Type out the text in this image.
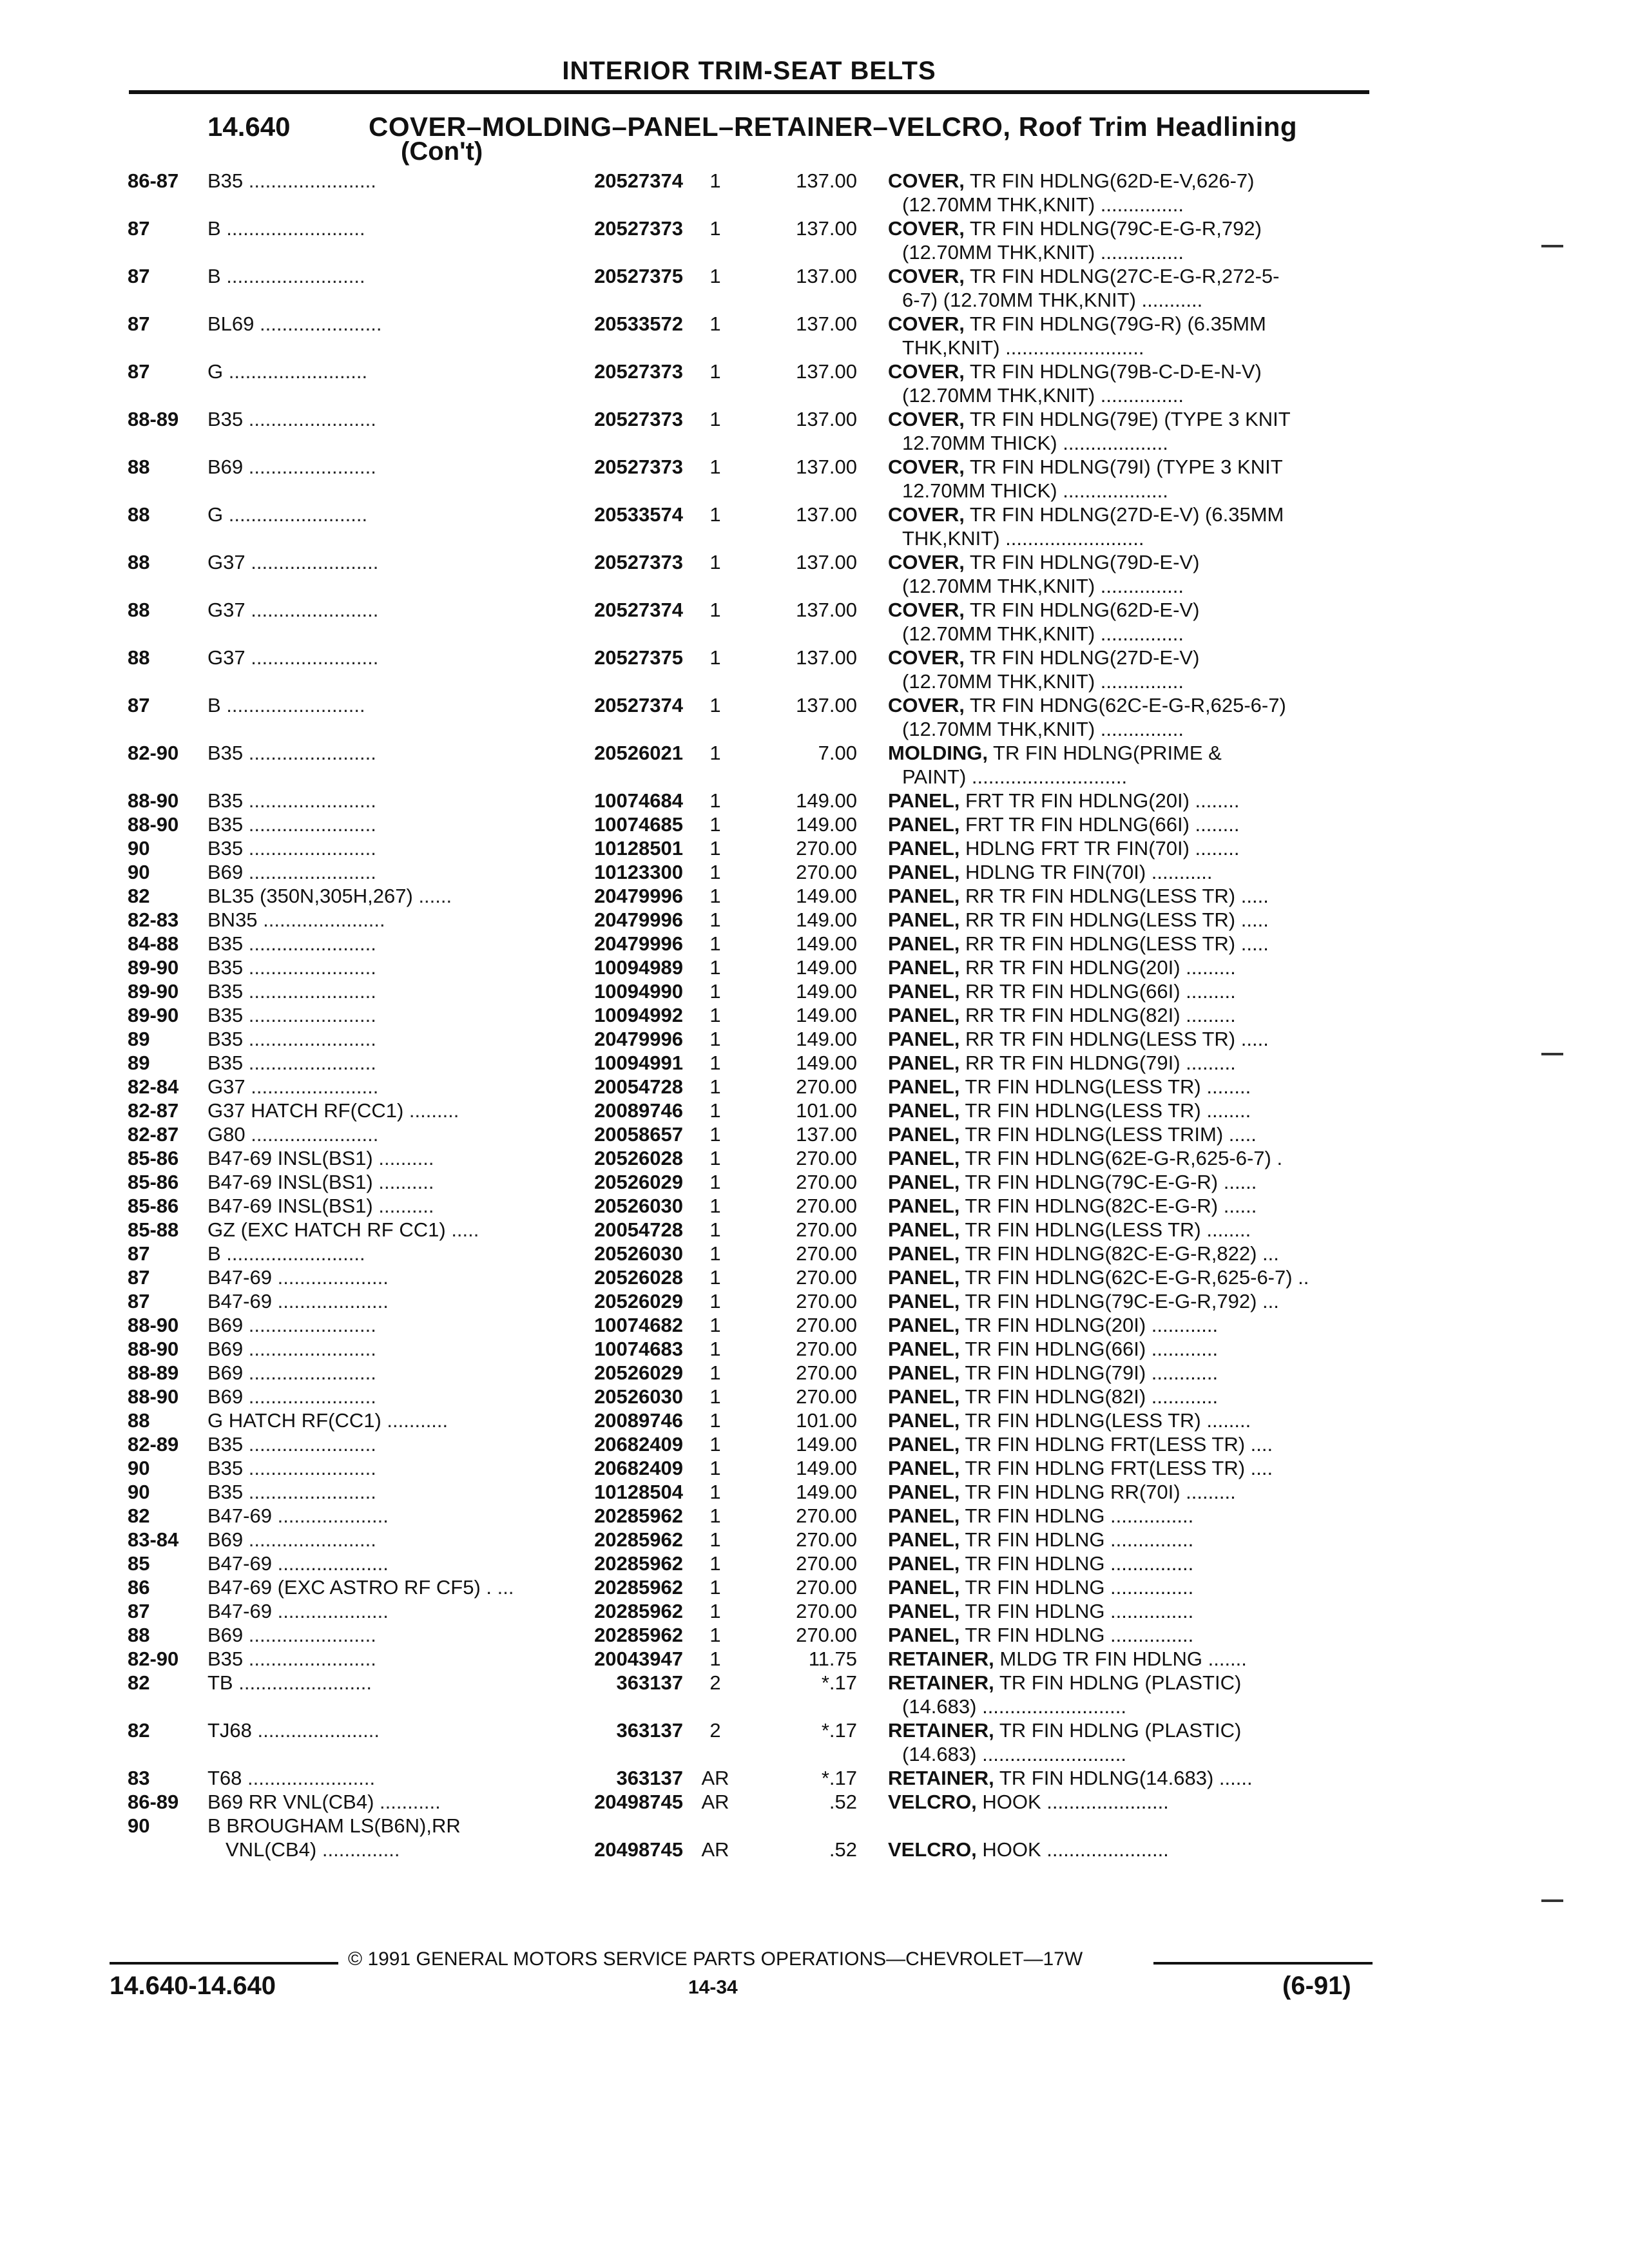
INTERIOR TRIM-SEAT BELTS
14.640	COVER–MOLDING–PANEL–RETAINER–VELCRO, Roof Trim Headlining
(Con't)
86-87 B35 .......................	20527374	1	137.00 COVER, TR FIN HDLNG(62D-E-V,626-7)
(12.70MM THK,KNIT) ...............
87	B .........................	20527373	1	137.00 COVER, TR FIN HDLNG(79C-E-G-R,792)
(12.70MM THK,KNIT) ...............
87	B .........................	20527375	1	137.00 COVER, TR FIN HDLNG(27C-E-G-R,272-5-
6-7) (12.70MM THK,KNIT) ...........
87	BL69 ......................	20533572	1	137.00 COVER, TR FIN HDLNG(79G-R) (6.35MM
THK,KNIT) .........................
87	G .........................	20527373	1	137.00 COVER, TR FIN HDLNG(79B-C-D-E-N-V)
(12.70MM THK,KNIT) ...............
88-89 B35 .......................	20527373	1	137.00 COVER, TR FIN HDLNG(79E) (TYPE 3 KNIT
12.70MM THICK) ...................
88	B69 .......................	20527373	1	137.00 COVER, TR FIN HDLNG(79I) (TYPE 3 KNIT
12.70MM THICK) ...................
88	G .........................	20533574	1	137.00 COVER, TR FIN HDLNG(27D-E-V) (6.35MM
THK,KNIT) .........................
88	G37 .......................	20527373	1	137.00 COVER, TR FIN HDLNG(79D-E-V)
(12.70MM THK,KNIT) ...............
88	G37 .......................	20527374	1	137.00 COVER, TR FIN HDLNG(62D-E-V)
(12.70MM THK,KNIT) ...............
88	G37 .......................	20527375	1	137.00 COVER, TR FIN HDLNG(27D-E-V)
(12.70MM THK,KNIT) ...............
87	B .........................	20527374	1	137.00 COVER, TR FIN HDNG(62C-E-G-R,625-6-7)
(12.70MM THK,KNIT) ...............
82-90 B35 .......................	20526021	1	7.00 MOLDING, TR FIN HDLNG(PRIME &
PAINT) ............................
88-90 B35 .......................	10074684	1	149.00 PANEL, FRT TR FIN HDLNG(20I) ........
88-90 B35 .......................	10074685	1	149.00 PANEL, FRT TR FIN HDLNG(66I) ........
90	B35 .......................	10128501	1	270.00 PANEL, HDLNG FRT TR FIN(70I) ........
90	B69 .......................	10123300	1	270.00 PANEL, HDLNG TR FIN(70I) ...........
82	BL35 (350N,305H,267) ......	20479996	1	149.00 PANEL, RR TR FIN HDLNG(LESS TR) .....
82-83 BN35 ......................	20479996	1	149.00 PANEL, RR TR FIN HDLNG(LESS TR) .....
84-88 B35 .......................	20479996	1	149.00 PANEL, RR TR FIN HDLNG(LESS TR) .....
89-90 B35 .......................	10094989	1	149.00 PANEL, RR TR FIN HDLNG(20I) .........
89-90 B35 .......................	10094990	1	149.00 PANEL, RR TR FIN HDLNG(66I) .........
89-90 B35 .......................	10094992	1	149.00 PANEL, RR TR FIN HDLNG(82I) .........
89	B35 .......................	20479996	1	149.00 PANEL, RR TR FIN HDLNG(LESS TR) .....
89	B35 .......................	10094991	1	149.00 PANEL, RR TR FIN HLDNG(79I) .........
82-84 G37 .......................	20054728	1	270.00 PANEL, TR FIN HDLNG(LESS TR) ........
82-87 G37 HATCH RF(CC1) .........	20089746	1	101.00 PANEL, TR FIN HDLNG(LESS TR) ........
82-87 G80 .......................	20058657	1	137.00 PANEL, TR FIN HDLNG(LESS TRIM) .....
85-86 B47-69 INSL(BS1) ..........	20526028	1	270.00 PANEL, TR FIN HDLNG(62E-G-R,625-6-7) .
85-86 B47-69 INSL(BS1) ..........	20526029	1	270.00 PANEL, TR FIN HDLNG(79C-E-G-R) ......
85-86 B47-69 INSL(BS1) ..........	20526030	1	270.00 PANEL, TR FIN HDLNG(82C-E-G-R) ......
85-88 GZ (EXC HATCH RF CC1) .....	20054728	1	270.00 PANEL, TR FIN HDLNG(LESS TR) ........
87	B .........................	20526030	1	270.00 PANEL, TR FIN HDLNG(82C-E-G-R,822) ...
87	B47-69 ....................	20526028	1	270.00 PANEL, TR FIN HDLNG(62C-E-G-R,625-6-7) ..
87	B47-69 ....................	20526029	1	270.00 PANEL, TR FIN HDLNG(79C-E-G-R,792) ...
88-90 B69 .......................	10074682	1	270.00 PANEL, TR FIN HDLNG(20I) ............
88-90 B69 .......................	10074683	1	270.00 PANEL, TR FIN HDLNG(66I) ............
88-89 B69 .......................	20526029	1	270.00 PANEL, TR FIN HDLNG(79I) ............
88-90 B69 .......................	20526030	1	270.00 PANEL, TR FIN HDLNG(82I) ............
88	G HATCH RF(CC1) ...........	20089746	1	101.00 PANEL, TR FIN HDLNG(LESS TR) ........
82-89 B35 .......................	20682409	1	149.00 PANEL, TR FIN HDLNG FRT(LESS TR) ....
90	B35 .......................	20682409	1	149.00 PANEL, TR FIN HDLNG FRT(LESS TR) ....
90	B35 .......................	10128504	1	149.00 PANEL, TR FIN HDLNG RR(70I) .........
82	B47-69 ....................	20285962	1	270.00 PANEL, TR FIN HDLNG ...............
83-84 B69 .......................	20285962	1	270.00 PANEL, TR FIN HDLNG ...............
85	B47-69 ....................	20285962	1	270.00 PANEL, TR FIN HDLNG ...............
86	B47-69 (EXC ASTRO RF CF5) . ...	20285962	1	270.00 PANEL, TR FIN HDLNG ...............
87	B47-69 ....................	20285962	1	270.00 PANEL, TR FIN HDLNG ...............
88	B69 .......................	20285962	1	270.00 PANEL, TR FIN HDLNG ...............
82-90 B35 .......................	20043947	1	11.75 RETAINER, MLDG TR FIN HDLNG .......
82	TB ........................	363137	2	*.17 RETAINER, TR FIN HDLNG (PLASTIC)
(14.683) ..........................
82	TJ68 ......................	363137	2	*.17 RETAINER, TR FIN HDLNG (PLASTIC)
(14.683) ..........................
83	T68 .......................	363137 AR	*.17 RETAINER, TR FIN HDLNG(14.683) ......
86-89 B69 RR VNL(CB4) ...........	20498745 AR	.52 VELCRO, HOOK ......................
90	B BROUGHAM LS(B6N),RR
VNL(CB4) ..............	20498745 AR	.52 VELCRO, HOOK ......................
© 1991 GENERAL MOTORS SERVICE PARTS OPERATIONS—CHEVROLET—17W
14.640-14.640	14-34	(6-91)
